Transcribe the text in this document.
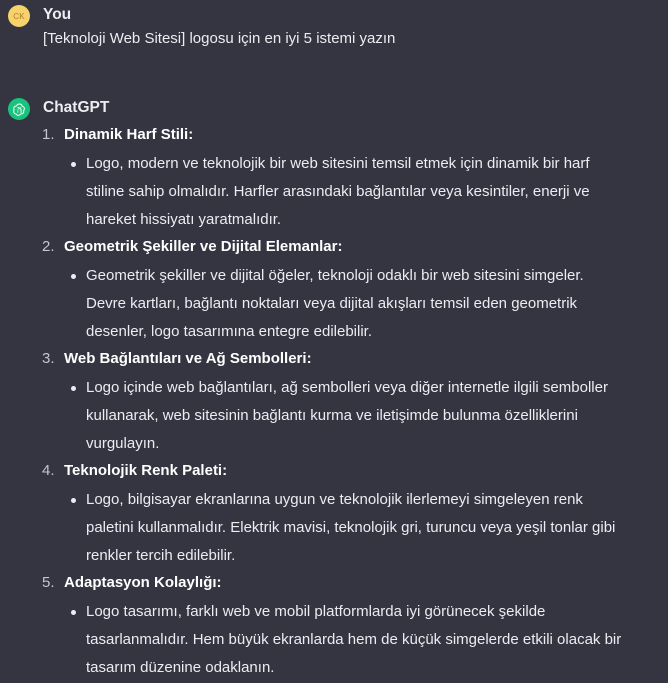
CK	You
[Teknoloji Web Sitesi] logosu için en iyi 5 istemi yazın
ChatGPT
1. Dinamik Harf Stili:
Logo, modern ve teknolojik bir web sitesini temsil etmek için dinamik bir harf
stiline sahip olmalıdır. Harfler arasındaki bağlantılar veya kesintiler, enerji ve
hareket hissiyatı yaratmalıdır.
2. Geometrik Şekiller ve Dijital Elemanlar:
Geometrik şekiller ve dijital öğeler, teknoloji odaklı bir web sitesini simgeler.
Devre kartları, bağlantı noktaları veya dijital akışları temsil eden geometrik
desenler, logo tasarımına entegre edilebilir.
3. Web Bağlantıları ve Ağ Sembolleri:
Logo içinde web bağlantıları, ağ sembolleri veya diğer internetle ilgili semboller
kullanarak, web sitesinin bağlantı kurma ve iletişimde bulunma özelliklerini
vurgulayın.
4. Teknolojik Renk Paleti:
Logo, bilgisayar ekranlarına uygun ve teknolojik ilerlemeyi simgeleyen renk
paletini kullanmalıdır. Elektrik mavisi, teknolojik gri, turuncu veya yeşil tonlar gibi
renkler tercih edilebilir.
5. Adaptasyon Kolaylığı:
Logo tasarımı, farklı web ve mobil platformlarda iyi görünecek şekilde
tasarlanmalıdır. Hem büyük ekranlarda hem de küçük simgelerde etkili olacak bir
tasarım düzenine odaklanın.
